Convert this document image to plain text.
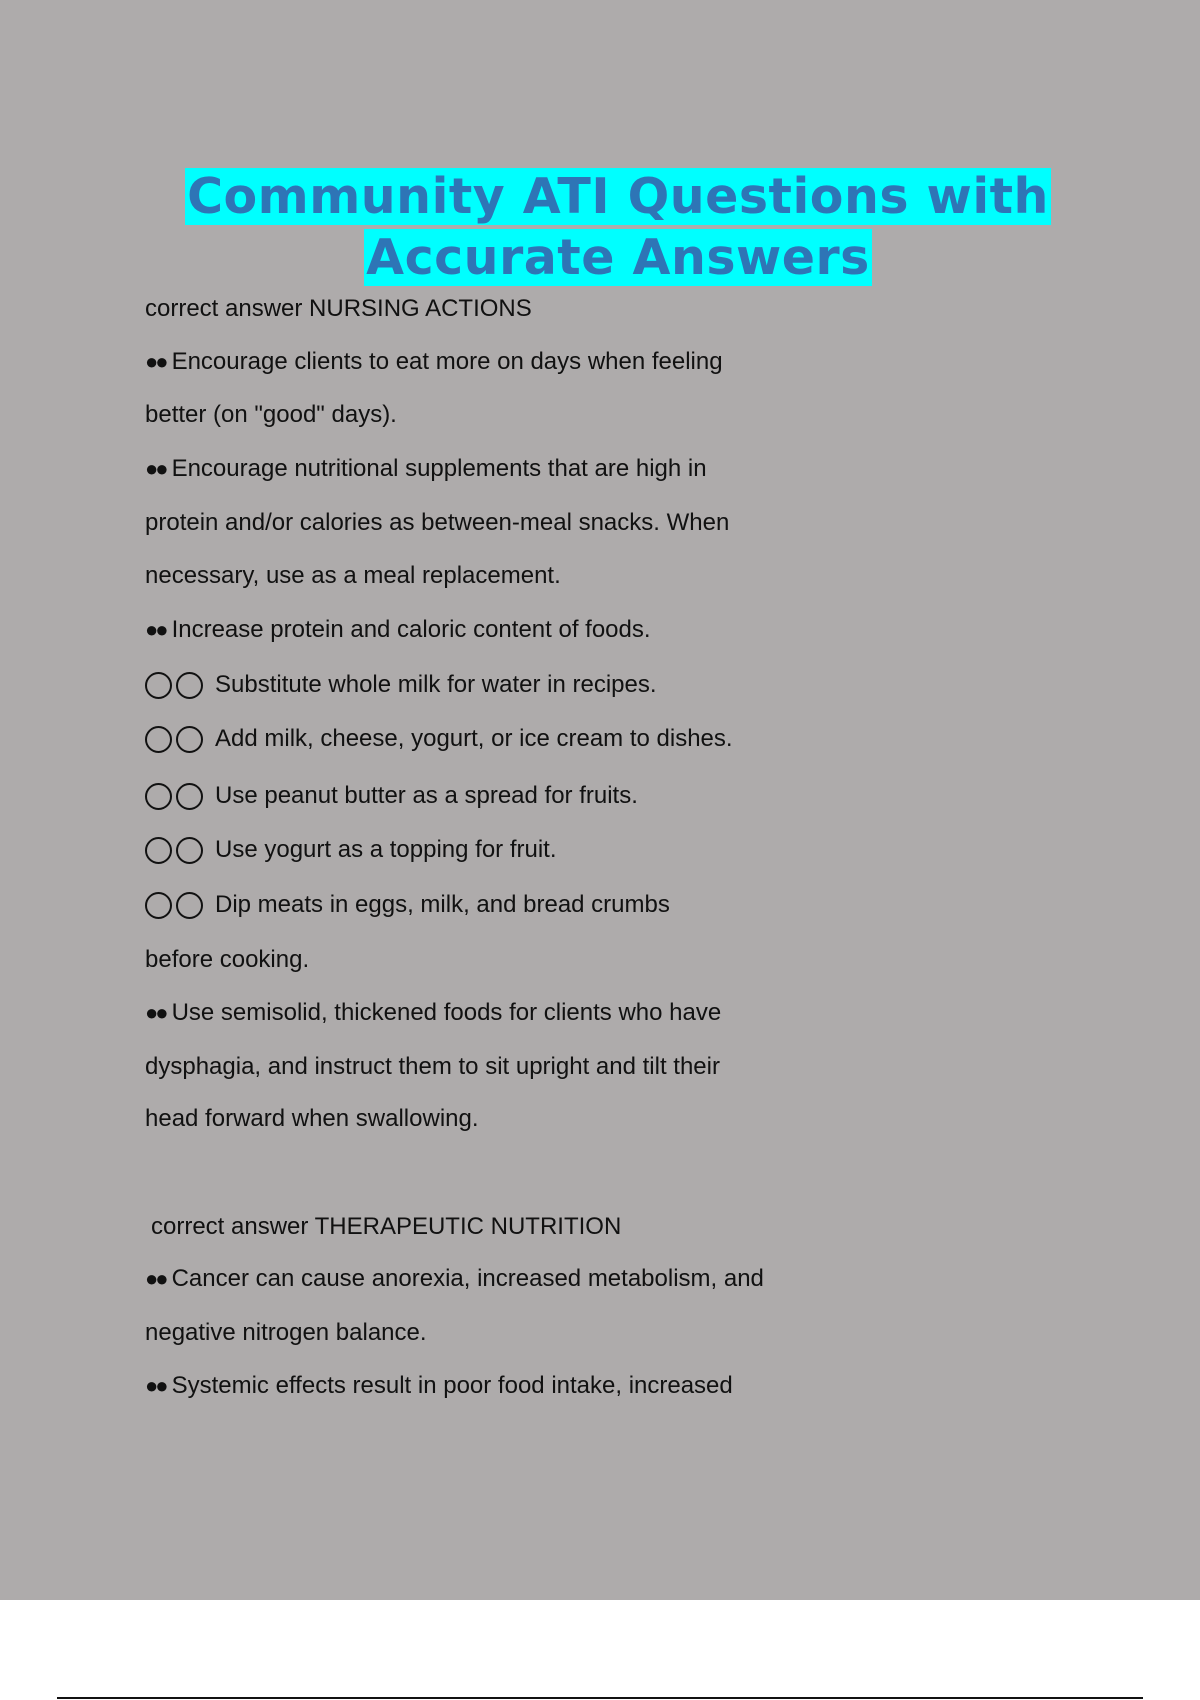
Community ATI Questions with
Accurate Answers
correct answer NURSING ACTIONS
●● Encourage clients to eat more on days when feeling
better (on "good" days).
●● Encourage nutritional supplements that are high in
protein and/or calories as between-meal snacks. When
necessary, use as a meal replacement.
●● Increase protein and caloric content of foods.
Substitute whole milk for water in recipes.
Add milk, cheese, yogurt, or ice cream to dishes.
Use peanut butter as a spread for fruits.
Use yogurt as a topping for fruit.
Dip meats in eggs, milk, and bread crumbs
before cooking.
●● Use semisolid, thickened foods for clients who have
dysphagia, and instruct them to sit upright and tilt their
head forward when swallowing.
correct answer THERAPEUTIC NUTRITION
●● Cancer can cause anorexia, increased metabolism, and
negative nitrogen balance.
●● Systemic effects result in poor food intake, increased
